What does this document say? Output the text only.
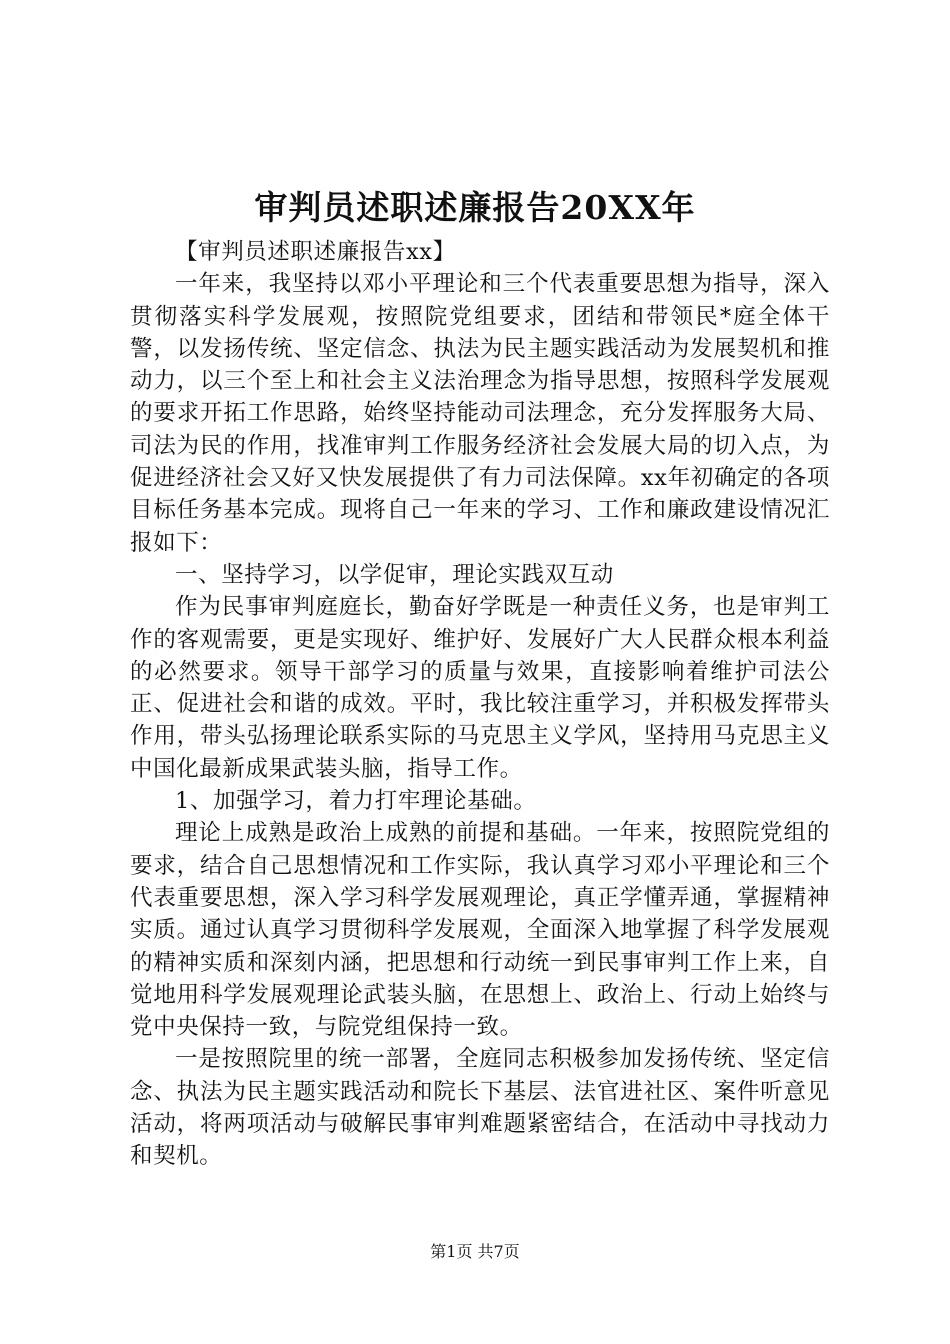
审判员述职述廉报告20XX年

【审判员述职述廉报告xx】

一年来，我坚持以邓小平理论和三个代表重要思想为指导，深入贯彻落实科学发展观，按照院党组要求，团结和带领民*庭全体干警，以发扬传统、坚定信念、执法为民主题实践活动为发展契机和推动力，以三个至上和社会主义法治理念为指导思想，按照科学发展观的要求开拓工作思路，始终坚持能动司法理念，充分发挥服务大局、司法为民的作用，找准审判工作服务经济社会发展大局的切入点，为促进经济社会又好又快发展提供了有力司法保障。xx年初确定的各项目标任务基本完成。现将自己一年来的学习、工作和廉政建设情况汇报如下：

一、坚持学习，以学促审，理论实践双互动

作为民事审判庭庭长，勤奋好学既是一种责任义务，也是审判工作的客观需要，更是实现好、维护好、发展好广大人民群众根本利益的必然要求。领导干部学习的质量与效果，直接影响着维护司法公正、促进社会和谐的成效。平时，我比较注重学习，并积极发挥带头作用，带头弘扬理论联系实际的马克思主义学风，坚持用马克思主义中国化最新成果武装头脑，指导工作。

1、加强学习，着力打牢理论基础。

理论上成熟是政治上成熟的前提和基础。一年来，按照院党组的要求，结合自己思想情况和工作实际，我认真学习邓小平理论和三个代表重要思想，深入学习科学发展观理论，真正学懂弄通，掌握精神实质。通过认真学习贯彻科学发展观，全面深入地掌握了科学发展观的精神实质和深刻内涵，把思想和行动统一到民事审判工作上来，自觉地用科学发展观理论武装头脑，在思想上、政治上、行动上始终与党中央保持一致，与院党组保持一致。

一是按照院里的统一部署，全庭同志积极参加发扬传统、坚定信念、执法为民主题实践活动和院长下基层、法官进社区、案件听意见活动，将两项活动与破解民事审判难题紧密结合，在活动中寻找动力和契机。

第1页 共7页
